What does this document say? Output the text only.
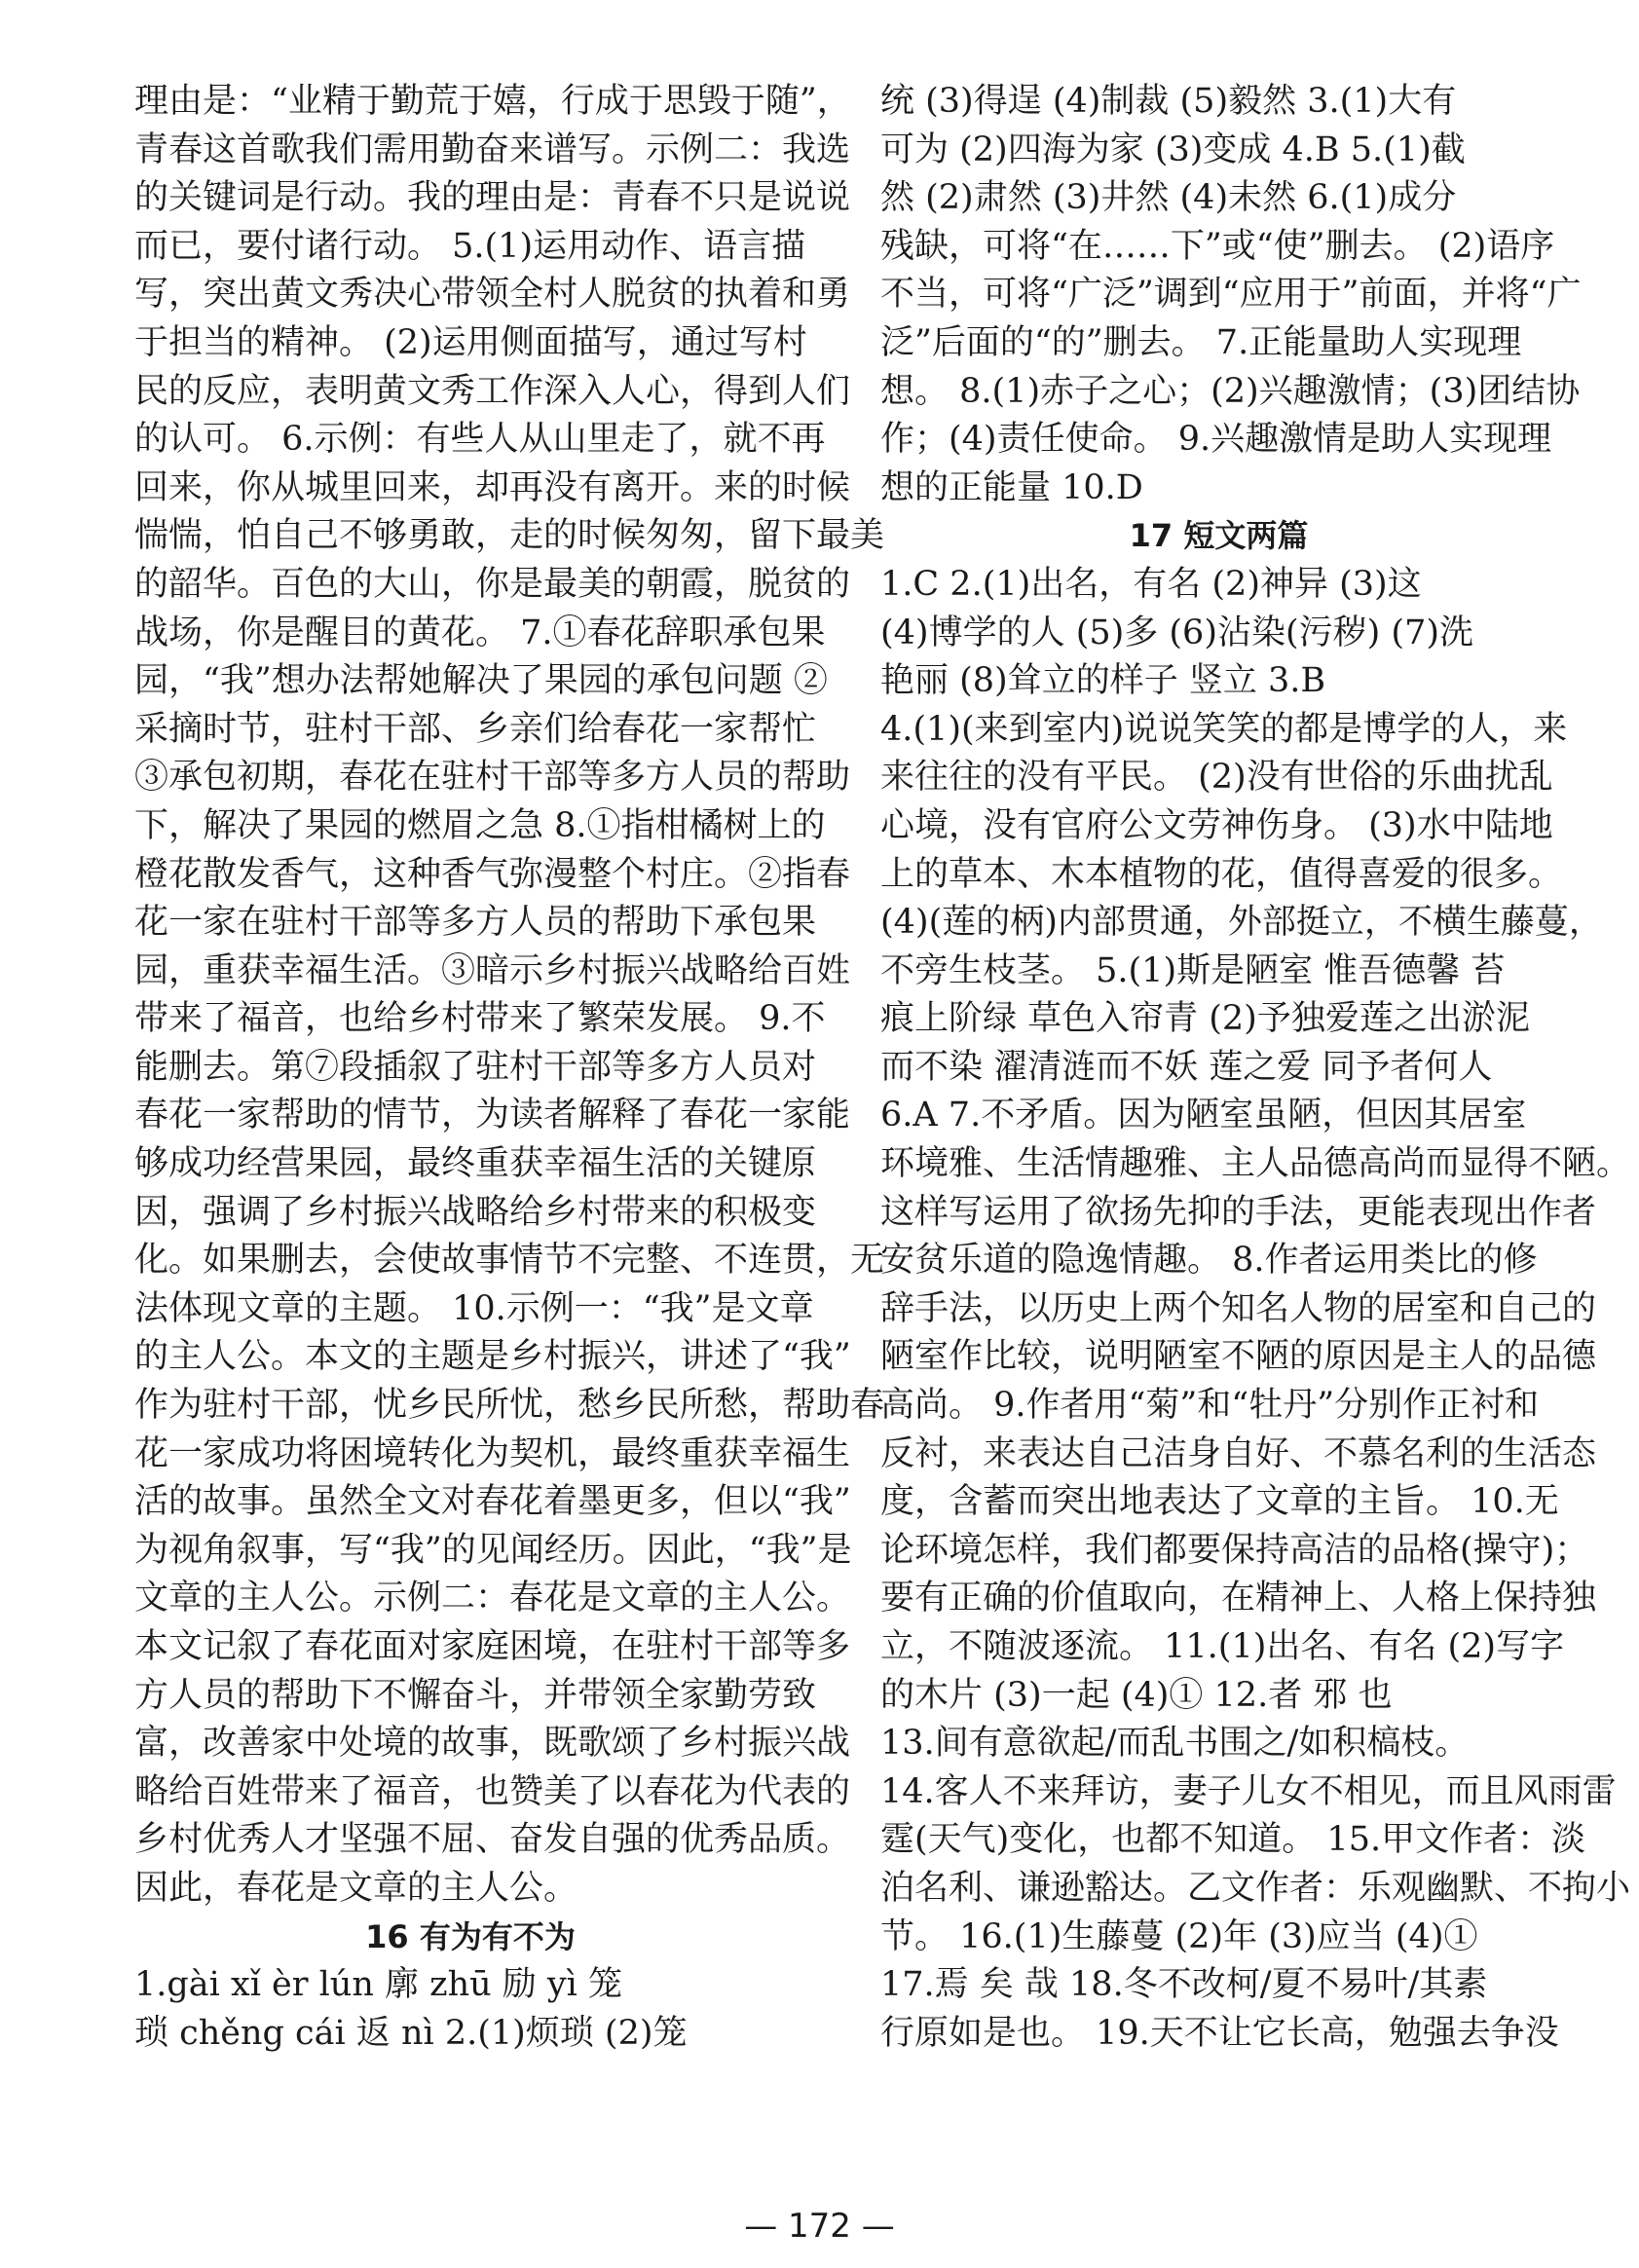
理由是：“业精于勤荒于嬉，行成于思毁于随”，
青春这首歌我们需用勤奋来谱写。示例二：我选
的关键词是行动。我的理由是：青春不只是说说
而已，要付诸行动。 5.(1)运用动作、语言描
写，突出黄文秀决心带领全村人脱贫的执着和勇
于担当的精神。 (2)运用侧面描写，通过写村
民的反应，表明黄文秀工作深入人心，得到人们
的认可。 6.示例：有些人从山里走了，就不再
回来，你从城里回来，却再没有离开。来的时候
惴惴，怕自己不够勇敢，走的时候匆匆，留下最美
的韶华。百色的大山，你是最美的朝霞，脱贫的
战场，你是醒目的黄花。 7.①春花辞职承包果
园，“我”想办法帮她解决了果园的承包问题 ②
采摘时节，驻村干部、乡亲们给春花一家帮忙
③承包初期，春花在驻村干部等多方人员的帮助
下，解决了果园的燃眉之急 8.①指柑橘树上的
橙花散发香气，这种香气弥漫整个村庄。②指春
花一家在驻村干部等多方人员的帮助下承包果
园，重获幸福生活。③暗示乡村振兴战略给百姓
带来了福音，也给乡村带来了繁荣发展。 9.不
能删去。第⑦段插叙了驻村干部等多方人员对
春花一家帮助的情节，为读者解释了春花一家能
够成功经营果园，最终重获幸福生活的关键原
因，强调了乡村振兴战略给乡村带来的积极变
化。如果删去，会使故事情节不完整、不连贯，无
法体现文章的主题。 10.示例一：“我”是文章
的主人公。本文的主题是乡村振兴，讲述了“我”
作为驻村干部，忧乡民所忧，愁乡民所愁，帮助春
花一家成功将困境转化为契机，最终重获幸福生
活的故事。虽然全文对春花着墨更多，但以“我”
为视角叙事，写“我”的见闻经历。因此，“我”是
文章的主人公。示例二：春花是文章的主人公。
本文记叙了春花面对家庭困境，在驻村干部等多
方人员的帮助下不懈奋斗，并带领全家勤劳致
富，改善家中处境的故事，既歌颂了乡村振兴战
略给百姓带来了福音，也赞美了以春花为代表的
乡村优秀人才坚强不屈、奋发自强的优秀品质。
因此，春花是文章的主人公。
16 有为有不为
1.gài xǐ èr lún 廓 zhū 励 yì 笼
琐 chěng cái 返 nì 2.(1)烦琐 (2)笼
统 (3)得逞 (4)制裁 (5)毅然 3.(1)大有
可为 (2)四海为家 (3)变成 4.B 5.(1)截
然 (2)肃然 (3)井然 (4)未然 6.(1)成分
残缺，可将“在……下”或“使”删去。 (2)语序
不当，可将“广泛”调到“应用于”前面，并将“广
泛”后面的“的”删去。 7.正能量助人实现理
想。 8.(1)赤子之心；(2)兴趣激情；(3)团结协
作；(4)责任使命。 9.兴趣激情是助人实现理
想的正能量 10.D
17 短文两篇
1.C 2.(1)出名，有名 (2)神异 (3)这
(4)博学的人 (5)多 (6)沾染(污秽) (7)洗
艳丽 (8)耸立的样子 竖立 3.B
4.(1)(来到室内)说说笑笑的都是博学的人，来
来往往的没有平民。 (2)没有世俗的乐曲扰乱
心境，没有官府公文劳神伤身。 (3)水中陆地
上的草本、木本植物的花，值得喜爱的很多。
(4)(莲的柄)内部贯通，外部挺立，不横生藤蔓，
不旁生枝茎。 5.(1)斯是陋室 惟吾德馨 苔
痕上阶绿 草色入帘青 (2)予独爱莲之出淤泥
而不染 濯清涟而不妖 莲之爱 同予者何人
6.A 7.不矛盾。因为陋室虽陋，但因其居室
环境雅、生活情趣雅、主人品德高尚而显得不陋。
这样写运用了欲扬先抑的手法，更能表现出作者
安贫乐道的隐逸情趣。 8.作者运用类比的修
辞手法，以历史上两个知名人物的居室和自己的
陋室作比较，说明陋室不陋的原因是主人的品德
高尚。 9.作者用“菊”和“牡丹”分别作正衬和
反衬，来表达自己洁身自好、不慕名利的生活态
度，含蓄而突出地表达了文章的主旨。 10.无
论环境怎样，我们都要保持高洁的品格(操守)；
要有正确的价值取向，在精神上、人格上保持独
立，不随波逐流。 11.(1)出名、有名 (2)写字
的木片 (3)一起 (4)① 12.者 邪 也
13.间有意欲起/而乱书围之/如积槁枝。
14.客人不来拜访，妻子儿女不相见，而且风雨雷
霆(天气)变化，也都不知道。 15.甲文作者：淡
泊名利、谦逊豁达。乙文作者：乐观幽默、不拘小
节。 16.(1)生藤蔓 (2)年 (3)应当 (4)①
17.焉 矣 哉 18.冬不改柯/夏不易叶/其素
行原如是也。 19.天不让它长高，勉强去争没
— 172 —
